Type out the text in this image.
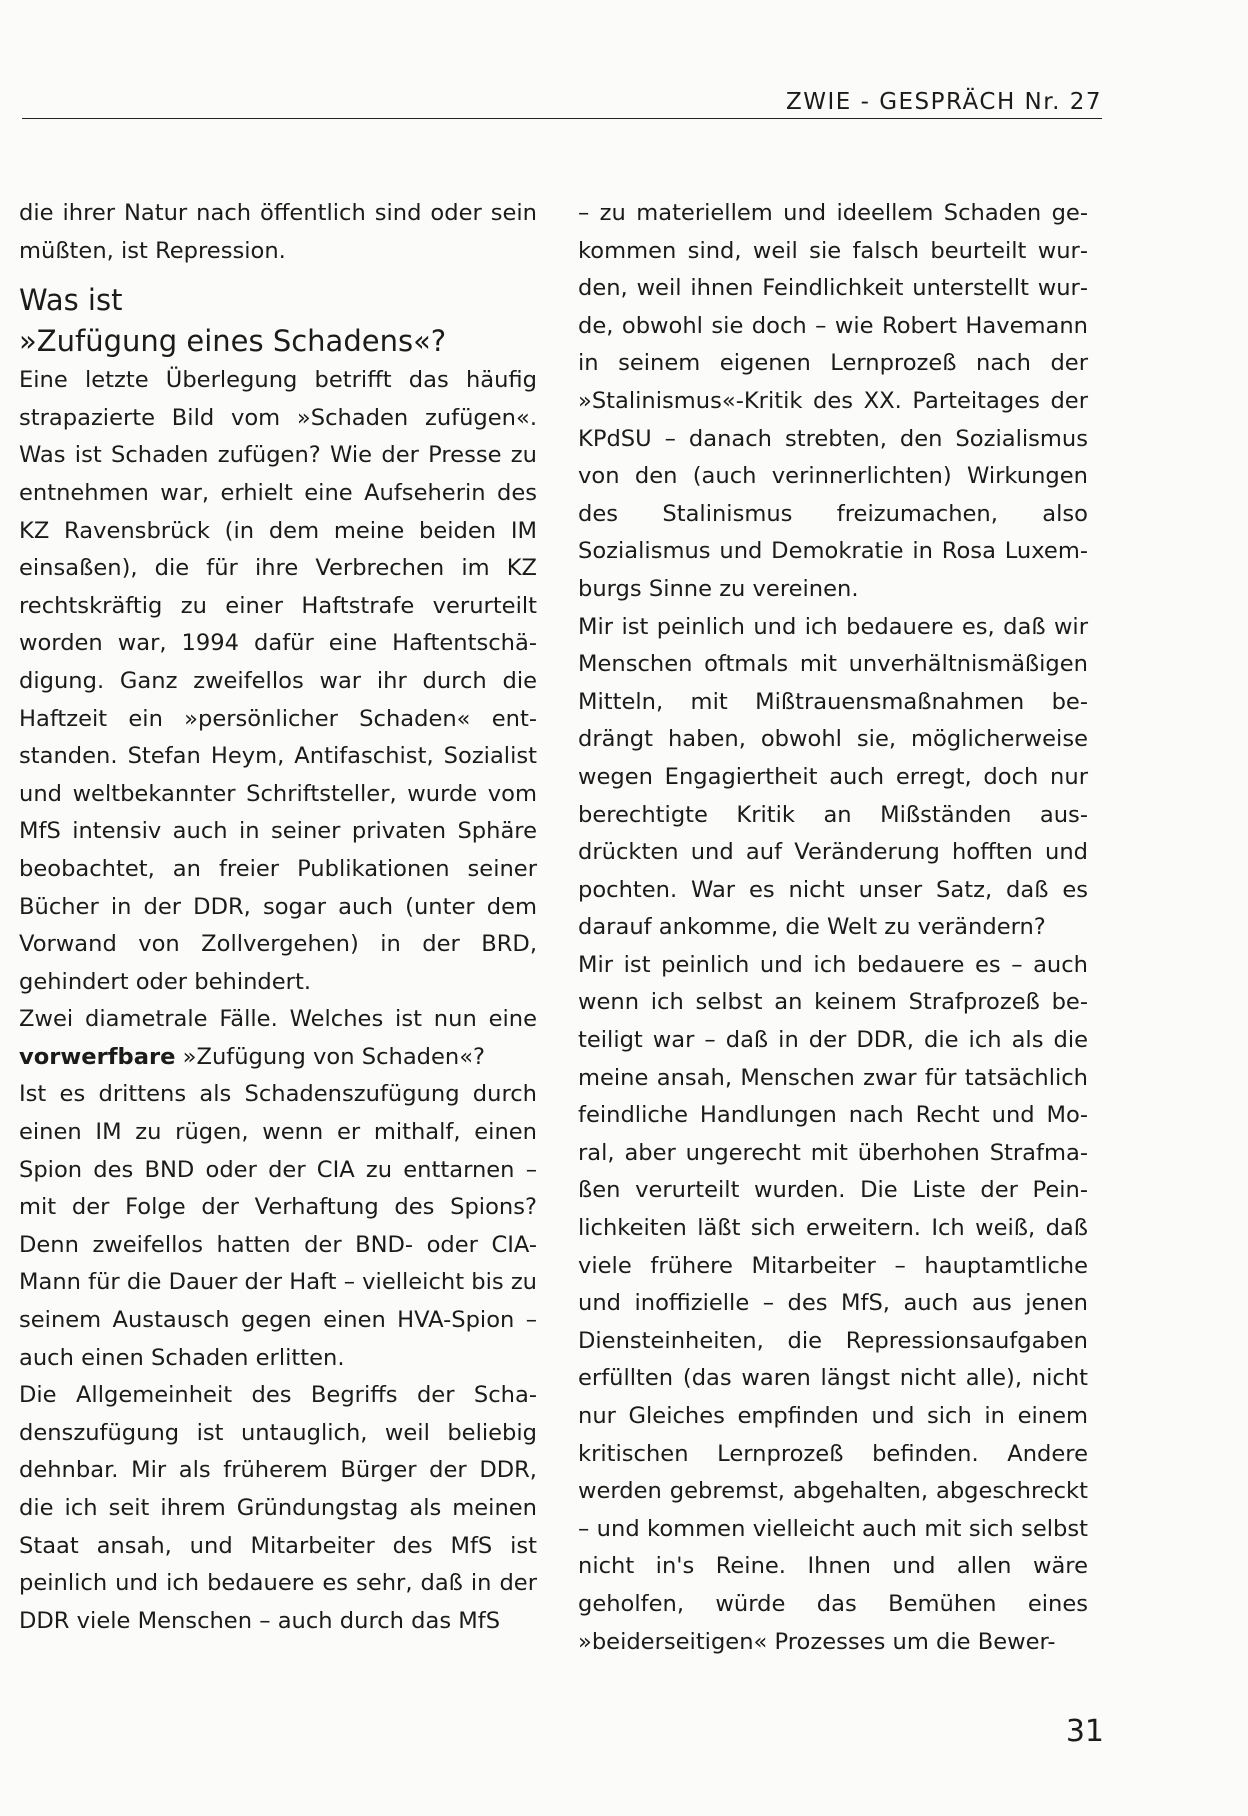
ZWIE - GESPRÄCH Nr. 27

die ihrer Natur nach öffentlich sind oder sein müßten, ist Repression.

Was ist
»Zufügung eines Schadens«?

Eine letzte Überlegung betrifft das häufig strapazierte Bild vom »Schaden zufügen«. Was ist Schaden zufügen? Wie der Presse zu entnehmen war, erhielt eine Aufseherin des KZ Ravensbrück (in dem meine beiden IM einsaßen), die für ihre Verbrechen im KZ rechtskräftig zu einer Haftstrafe verurteilt worden war, 1994 dafür eine Haftentschädigung. Ganz zweifellos war ihr durch die Haftzeit ein »persönlicher Schaden« entstanden. Stefan Heym, Antifaschist, Sozialist und weltbekannter Schriftsteller, wurde vom MfS intensiv auch in seiner privaten Sphäre beobachtet, an freier Publikationen seiner Bücher in der DDR, sogar auch (unter dem Vorwand von Zollvergehen) in der BRD, gehindert oder behindert.

Zwei diametrale Fälle. Welches ist nun eine vorwerfbare »Zufügung von Schaden«?

Ist es drittens als Schadenszufügung durch einen IM zu rügen, wenn er mithalf, einen Spion des BND oder der CIA zu enttarnen – mit der Folge der Verhaftung des Spions? Denn zweifellos hatten der BND- oder CIA-Mann für die Dauer der Haft – vielleicht bis zu seinem Austausch gegen einen HVA-Spion – auch einen Schaden erlitten.

Die Allgemeinheit des Begriffs der Schadenszufügung ist untauglich, weil beliebig dehnbar. Mir als früherem Bürger der DDR, die ich seit ihrem Gründungstag als meinen Staat ansah, und Mitarbeiter des MfS ist peinlich und ich bedauere es sehr, daß in der DDR viele Menschen – auch durch das MfS

– zu materiellem und ideellem Schaden gekommen sind, weil sie falsch beurteilt wurden, weil ihnen Feindlichkeit unterstellt wurde, obwohl sie doch – wie Robert Havemann in seinem eigenen Lernprozeß nach der »Stalinismus«-Kritik des XX. Parteitages der KPdSU – danach strebten, den Sozialismus von den (auch verinnerlichten) Wirkungen des Stalinismus freizumachen, also Sozialismus und Demokratie in Rosa Luxemburgs Sinne zu vereinen.

Mir ist peinlich und ich bedauere es, daß wir Menschen oftmals mit unverhältnismäßigen Mitteln, mit Mißtrauensmaßnahmen bedrängt haben, obwohl sie, möglicherweise wegen Engagiertheit auch erregt, doch nur berechtigte Kritik an Mißständen ausdrückten und auf Veränderung hofften und pochten. War es nicht unser Satz, daß es darauf ankomme, die Welt zu verändern?

Mir ist peinlich und ich bedauere es – auch wenn ich selbst an keinem Strafprozeß beteiligt war – daß in der DDR, die ich als die meine ansah, Menschen zwar für tatsächlich feindliche Handlungen nach Recht und Moral, aber ungerecht mit überhohen Strafmaßen verurteilt wurden. Die Liste der Peinlichkeiten läßt sich erweitern. Ich weiß, daß viele frühere Mitarbeiter – hauptamtliche und inoffizielle – des MfS, auch aus jenen Diensteinheiten, die Repressionsaufgaben erfüllten (das waren längst nicht alle), nicht nur Gleiches empfinden und sich in einem kritischen Lernprozeß befinden. Andere werden gebremst, abgehalten, abgeschreckt – und kommen vielleicht auch mit sich selbst nicht in's Reine. Ihnen und allen wäre geholfen, würde das Bemühen eines »beiderseitigen« Prozesses um die Bewer-

31
